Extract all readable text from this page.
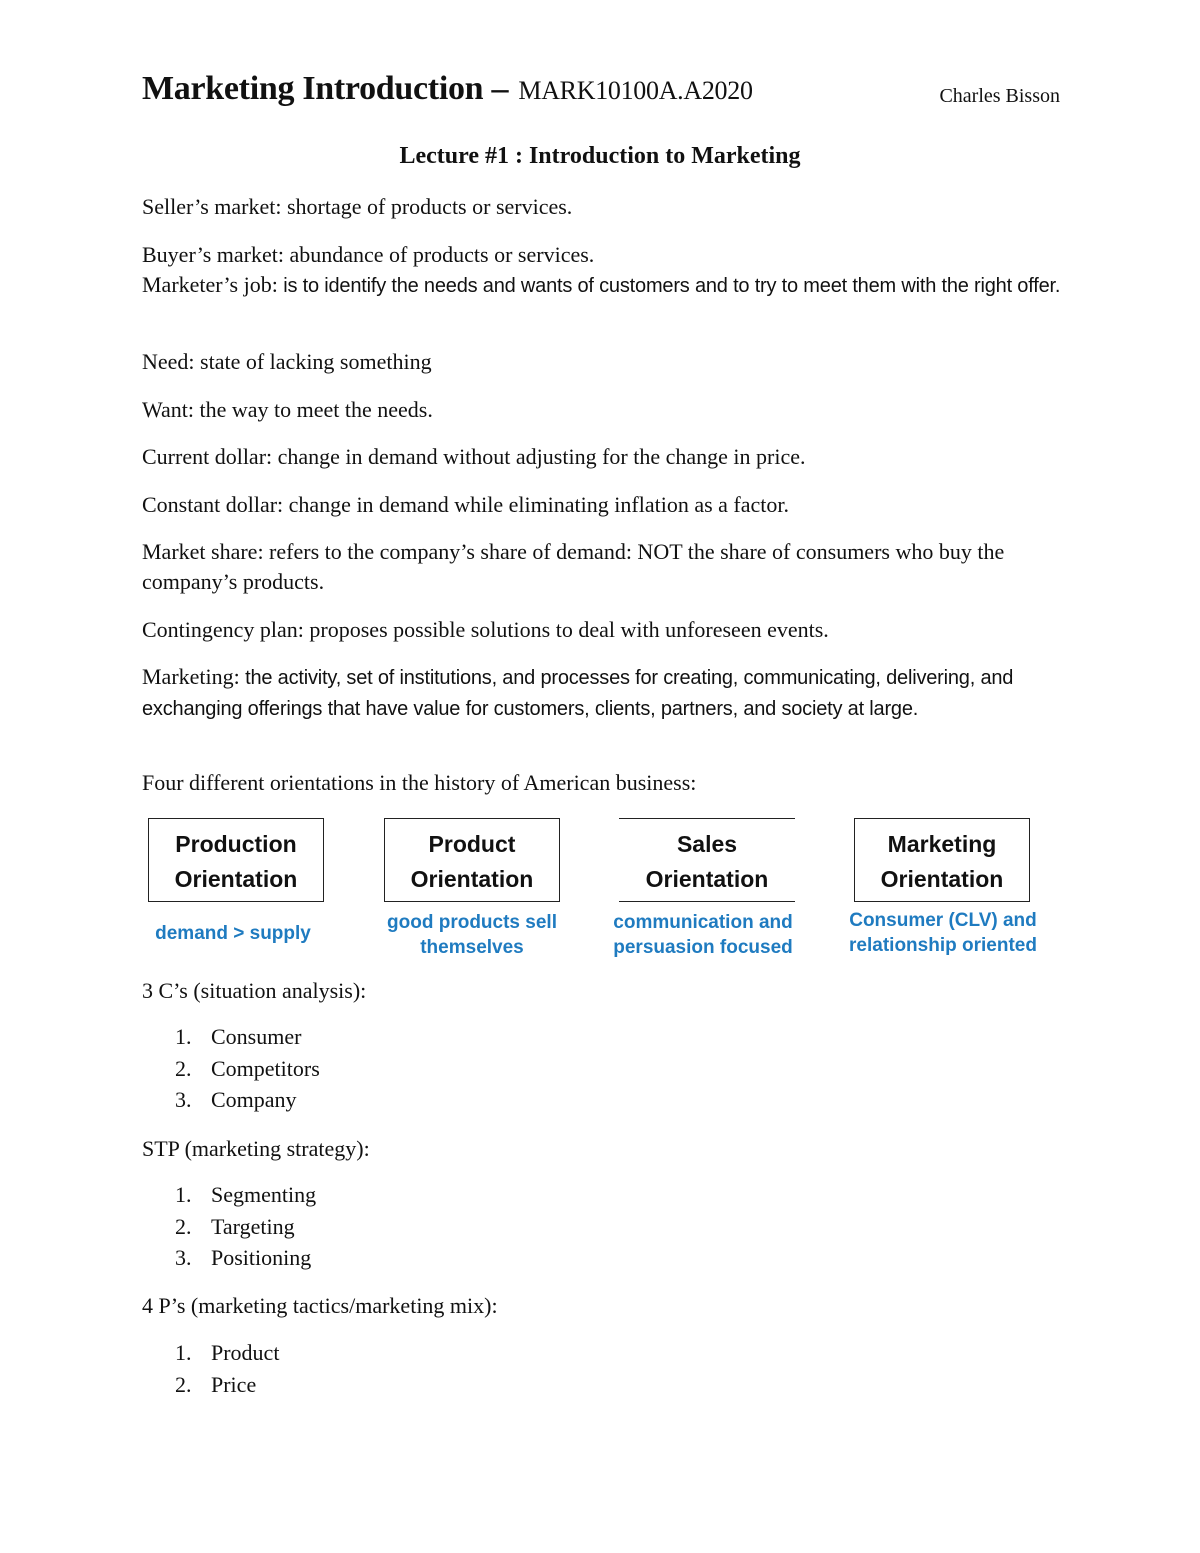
Marketing Introduction – MARK10100A.A2020	Charles Bisson
Lecture #1 : Introduction to Marketing
Seller’s market: shortage of products or services.
Buyer’s market: abundance of products or services.
Marketer’s job: is to identify the needs and wants of customers and to try to meet them with the right offer.
Need: state of lacking something
Want: the way to meet the needs.
Current dollar: change in demand without adjusting for the change in price.
Constant dollar: change in demand while eliminating inflation as a factor.
Market share: refers to the company’s share of demand: NOT the share of consumers who buy the company’s products.
Contingency plan: proposes possible solutions to deal with unforeseen events.
Marketing: the activity, set of institutions, and processes for creating, communicating, delivering, and exchanging offerings that have value for customers, clients, partners, and society at large.
Four different orientations in the history of American business:
Production
Orientation
Product
Orientation
Sales
Orientation
Marketing
Orientation
demand > supply
good products sell
themselves
communication and
persuasion focused
Consumer (CLV) and
relationship oriented
3 C’s (situation analysis):
1. Consumer
2. Competitors
3. Company
STP (marketing strategy):
1. Segmenting
2. Targeting
3. Positioning
4 P’s (marketing tactics/marketing mix):
1. Product
2. Price
